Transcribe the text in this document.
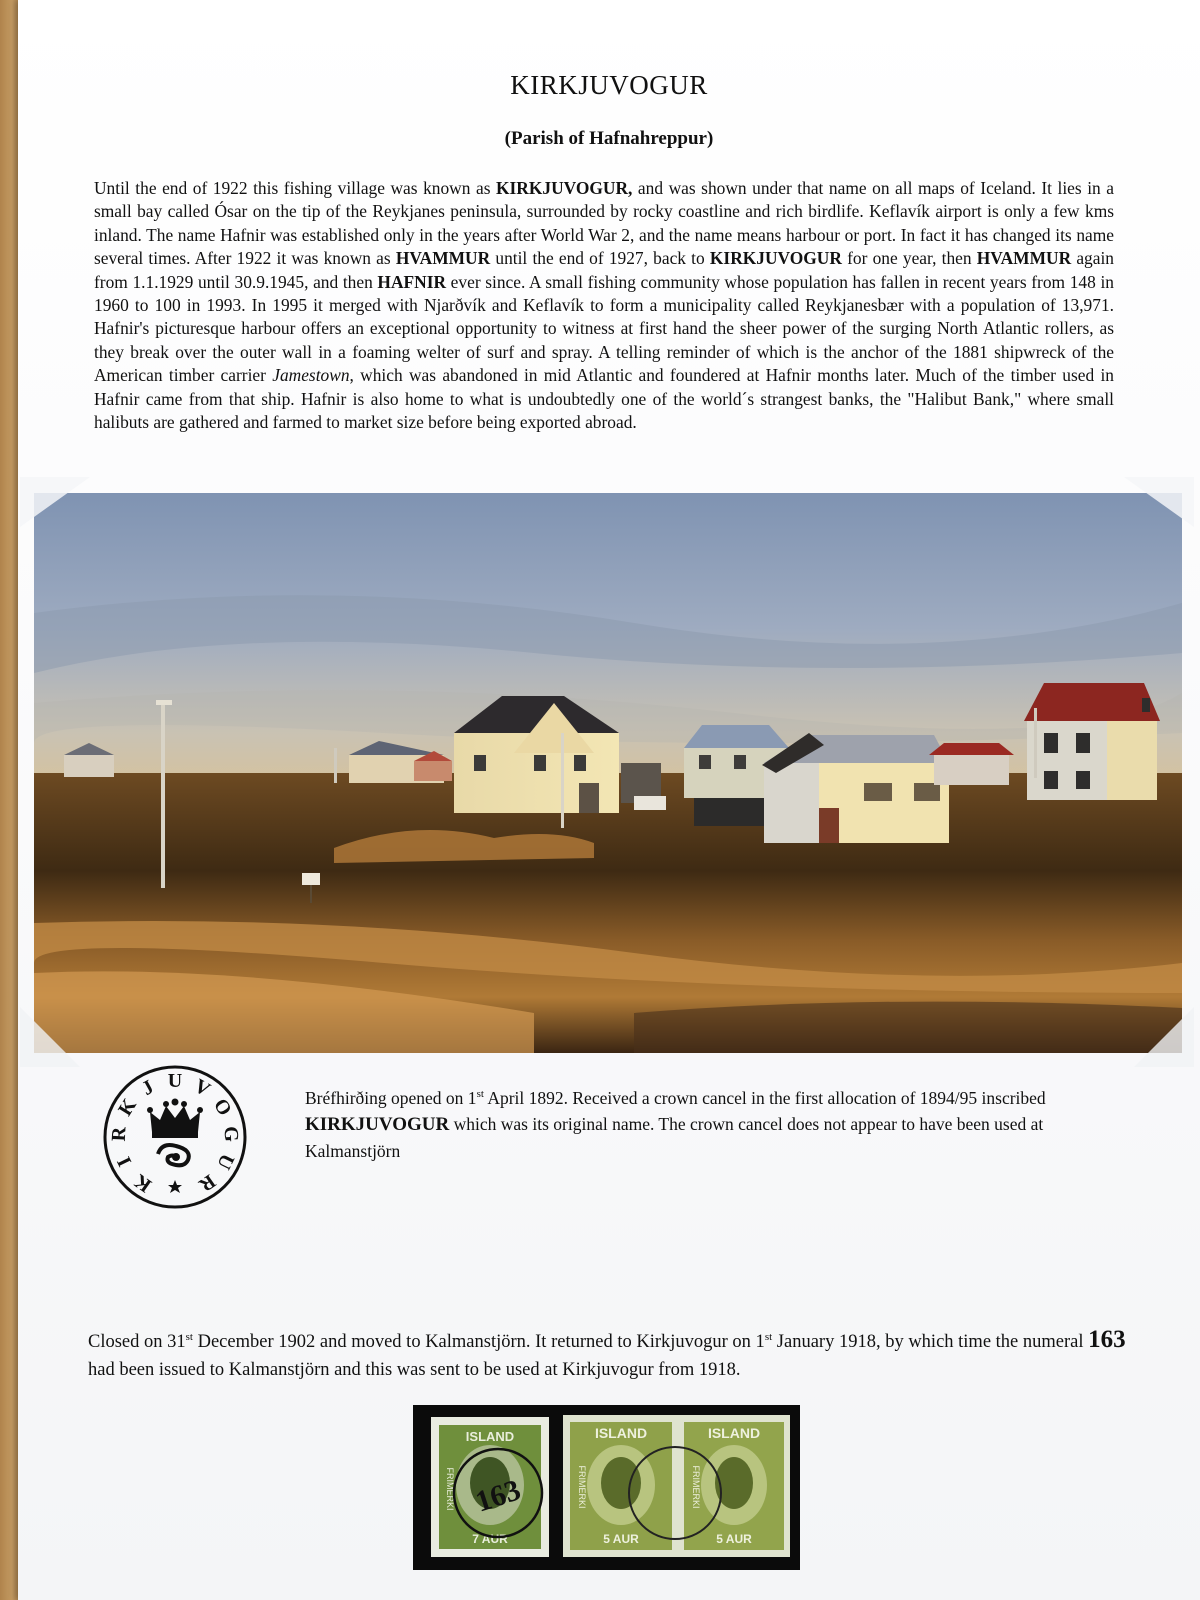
KIRKJUVOGUR
(Parish of Hafnahreppur)
Until the end of 1922 this fishing village was known as KIRKJUVOGUR, and was shown under that name on all maps of Iceland. It lies in a small bay called Ósar on the tip of the Reykjanes peninsula, surrounded by rocky coastline and rich birdlife. Keflavík airport is only a few kms inland. The name Hafnir was established only in the years after World War 2, and the name means harbour or port. In fact it has changed its name several times. After 1922 it was known as HVAMMUR until the end of 1927, back to KIRKJUVOGUR for one year, then HVAMMUR again from 1.1.1929 until 30.9.1945, and then HAFNIR ever since. A small fishing community whose population has fallen in recent years from 148 in 1960 to 100 in 1993. In 1995 it merged with Njarðvík and Keflavík to form a municipality called Reykjanesbær with a population of 13,971. Hafnir's picturesque harbour offers an exceptional opportunity to witness at first hand the sheer power of the surging North Atlantic rollers, as they break over the outer wall in a foaming welter of surf and spray. A telling reminder of which is the anchor of the 1881 shipwreck of the American timber carrier Jamestown, which was abandoned in mid Atlantic and foundered at Hafnir months later. Much of the timber used in Hafnir came from that ship. Hafnir is also home to what is undoubtedly one of the world´s strangest banks, the "Halibut Bank," where small halibuts are gathered and farmed to market size before being exported abroad.
K
I
R
K
J U V
O
G
U
R
Bréfhirðing opened on 1st April 1892. Received a crown cancel in the first allocation of 1894/95 inscribed KIRKJUVOGUR which was its original name. The crown cancel does not appear to have been used at Kalmanstjörn
Closed on 31st December 1902 and moved to Kalmanstjörn. It returned to Kirkjuvogur on 1st January 1918, by which time the numeral 163 had been issued to Kalmanstjörn and this was sent to be used at Kirkjuvogur from 1918.
ISLAND
7 AUR
FRIMERKI 163
ISLAND
5 AUR
FRIMERKI
ISLAND
5 AUR
FRIMERKI
